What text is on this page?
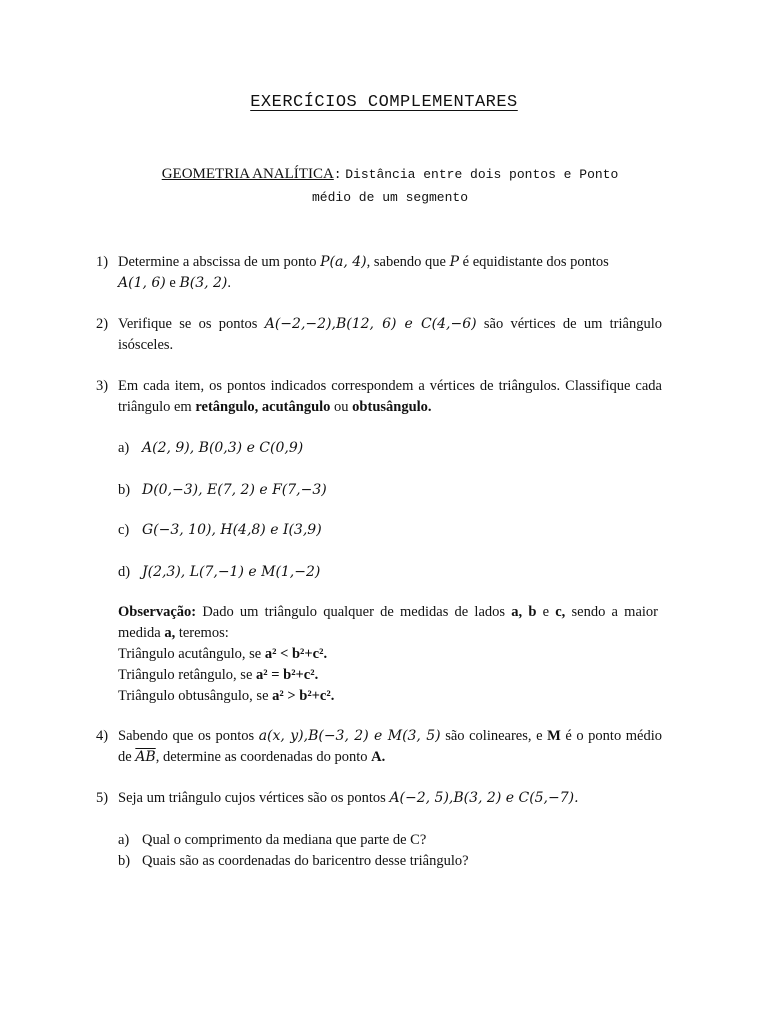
EXERCÍCIOS COMPLEMENTARES
GEOMETRIA ANALÍTICA: Distância entre dois pontos e Ponto
médio de um segmento
1) Determine a abscissa de um ponto P(a, 4), sabendo que P é equidistante dos pontos
A(1, 6) e B(3, 2).
2) Verifique se os pontos A(−2,−2),B(12, 6) e C(4,−6) são vértices de um triângulo isósceles.
3) Em cada item, os pontos indicados correspondem a vértices de triângulos. Classifique cada triângulo em retângulo, acutângulo ou obtusângulo.
a) A(2, 9), B(0,3) e C(0,9)
b) D(0,−3), E(7, 2) e F(7,−3)
c) G(−3, 10), H(4,8) e I(3,9)
d) J(2,3), L(7,−1) e M(1,−2)
Observação: Dado um triângulo qualquer de medidas de lados a, b e c, sendo a maior medida a, teremos:
Triângulo acutângulo, se a² < b²+c².
Triângulo retângulo, se a² = b²+c².
Triângulo obtusângulo, se a² > b²+c².
4) Sabendo que os pontos a(x, y),B(−3, 2) e M(3, 5) são colineares, e M é o ponto médio de $\overline{AB}$, determine as coordenadas do ponto A.
5) Seja um triângulo cujos vértices são os pontos A(−2, 5),B(3, 2) e C(5,−7).
a) Qual o comprimento da mediana que parte de C?
b) Quais são as coordenadas do baricentro desse triângulo?
